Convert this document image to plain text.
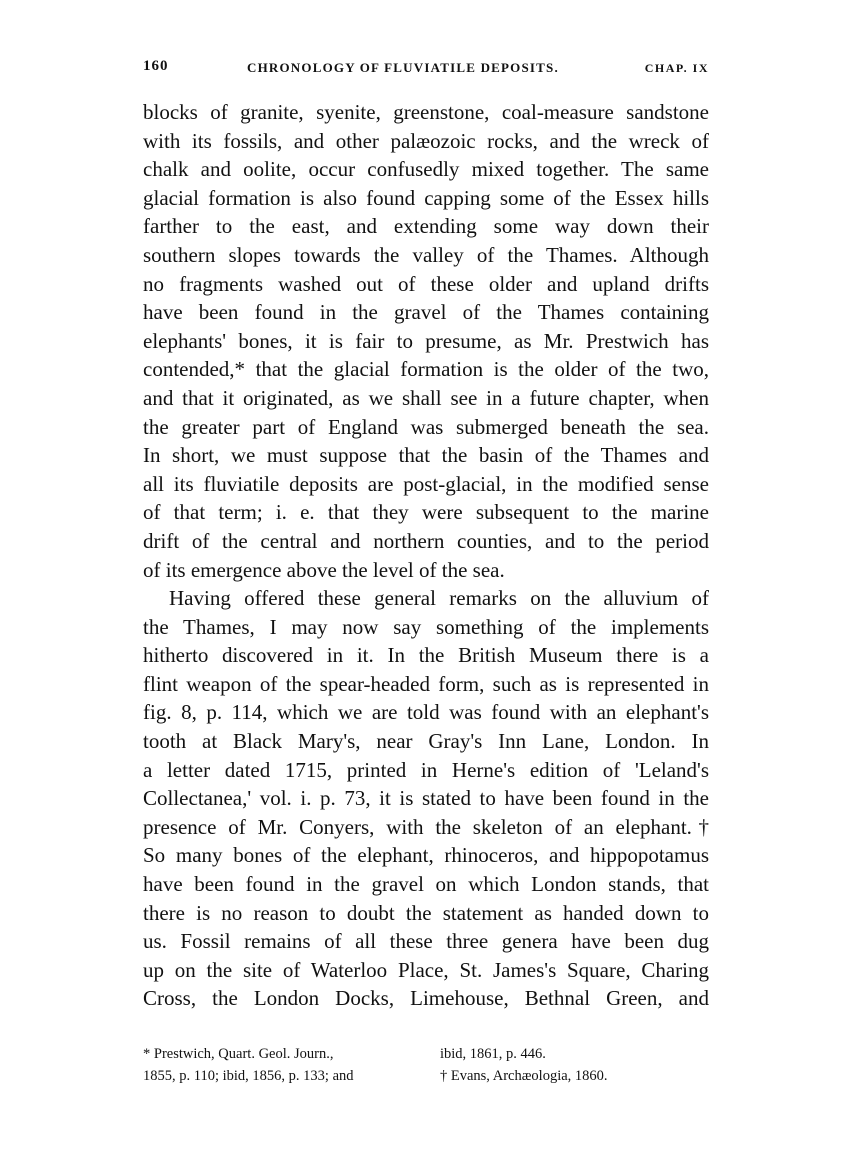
160	CHRONOLOGY OF FLUVIATILE DEPOSITS.	CHAP. IX
blocks of granite, syenite, greenstone, coal-measure sandstone
with its fossils, and other palæozoic rocks, and the wreck of
chalk and oolite, occur confusedly mixed together. The same
glacial formation is also found capping some of the Essex hills
farther to the east, and extending some way down their
southern slopes towards the valley of the Thames. Although
no fragments washed out of these older and upland drifts
have been found in the gravel of the Thames containing
elephants' bones, it is fair to presume, as Mr. Prestwich has
contended,* that the glacial formation is the older of the two,
and that it originated, as we shall see in a future chapter, when
the greater part of England was submerged beneath the sea.
In short, we must suppose that the basin of the Thames and
all its fluviatile deposits are post-glacial, in the modified sense
of that term; i. e. that they were subsequent to the marine
drift of the central and northern counties, and to the period
of its emergence above the level of the sea.
Having offered these general remarks on the alluvium of
the Thames, I may now say something of the implements
hitherto discovered in it. In the British Museum there is a
flint weapon of the spear-headed form, such as is represented in
fig. 8, p. 114, which we are told was found with an elephant's
tooth at Black Mary's, near Gray's Inn Lane, London. In
a letter dated 1715, printed in Herne's edition of 'Leland's
Collectanea,' vol. i. p. 73, it is stated to have been found in the
presence of Mr. Conyers, with the skeleton of an elephant.†
So many bones of the elephant, rhinoceros, and hippopotamus
have been found in the gravel on which London stands, that
there is no reason to doubt the statement as handed down to
us. Fossil remains of all these three genera have been dug
up on the site of Waterloo Place, St. James's Square, Charing
Cross, the London Docks, Limehouse, Bethnal Green, and
* Prestwich, Quart. Geol. Journ.,	ibid, 1861, p. 446.
1855, p. 110; ibid, 1856, p. 133; and	† Evans, Archæologia, 1860.
